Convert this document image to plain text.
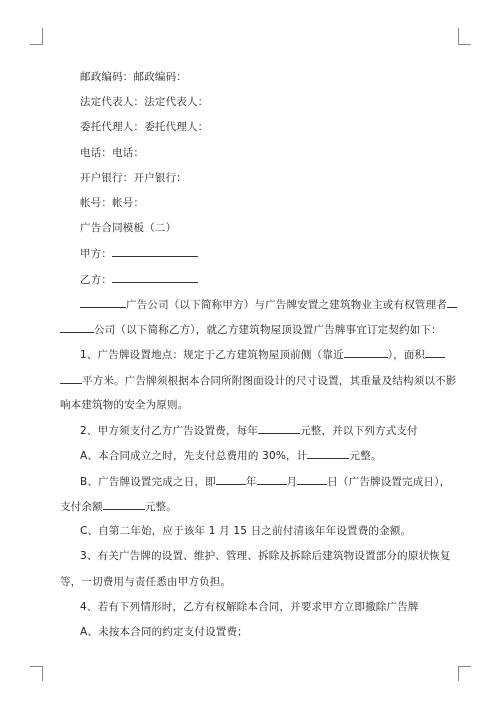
邮政编码：邮政编码：
法定代表人：法定代表人：
委托代理人：委托代理人：
电话：电话：
开户银行：开户银行：
帐号：帐号：
广告合同模板（二）
甲方：
乙方：
广告公司（以下简称甲方）与广告牌安置之建筑物业主或有权管理者
公司（以下简称乙方），就乙方建筑物屋顶设置广告牌事宜订定契约如下：
1、广告牌设置地点：规定于乙方建筑物屋顶前侧（靠近	），面积
平方米。广告牌须根据本合同所附图面设计的尺寸设置，其重量及结构须以不影
响本建筑物的安全为原则。
2、甲方须支付乙方广告设置费，每年	元整，并以下列方式支付
A、本合同成立之时，先支付总费用的 30%，计	元整。
B、广告牌设置完成之日，即	年	月	日（广告牌设置完成日），
支付余额	元整。
C、自第二年始，应于该年 1 月 15 日之前付清该年年设置费的金额。
3、有关广告牌的设置、维护、管理、拆除及拆除后建筑物设置部分的原状恢复
等，一切费用与责任悉由甲方负担。
4、若有下列情形时，乙方有权解除本合同，并要求甲方立即撤除广告牌
A、未按本合同的约定支付设置费；
